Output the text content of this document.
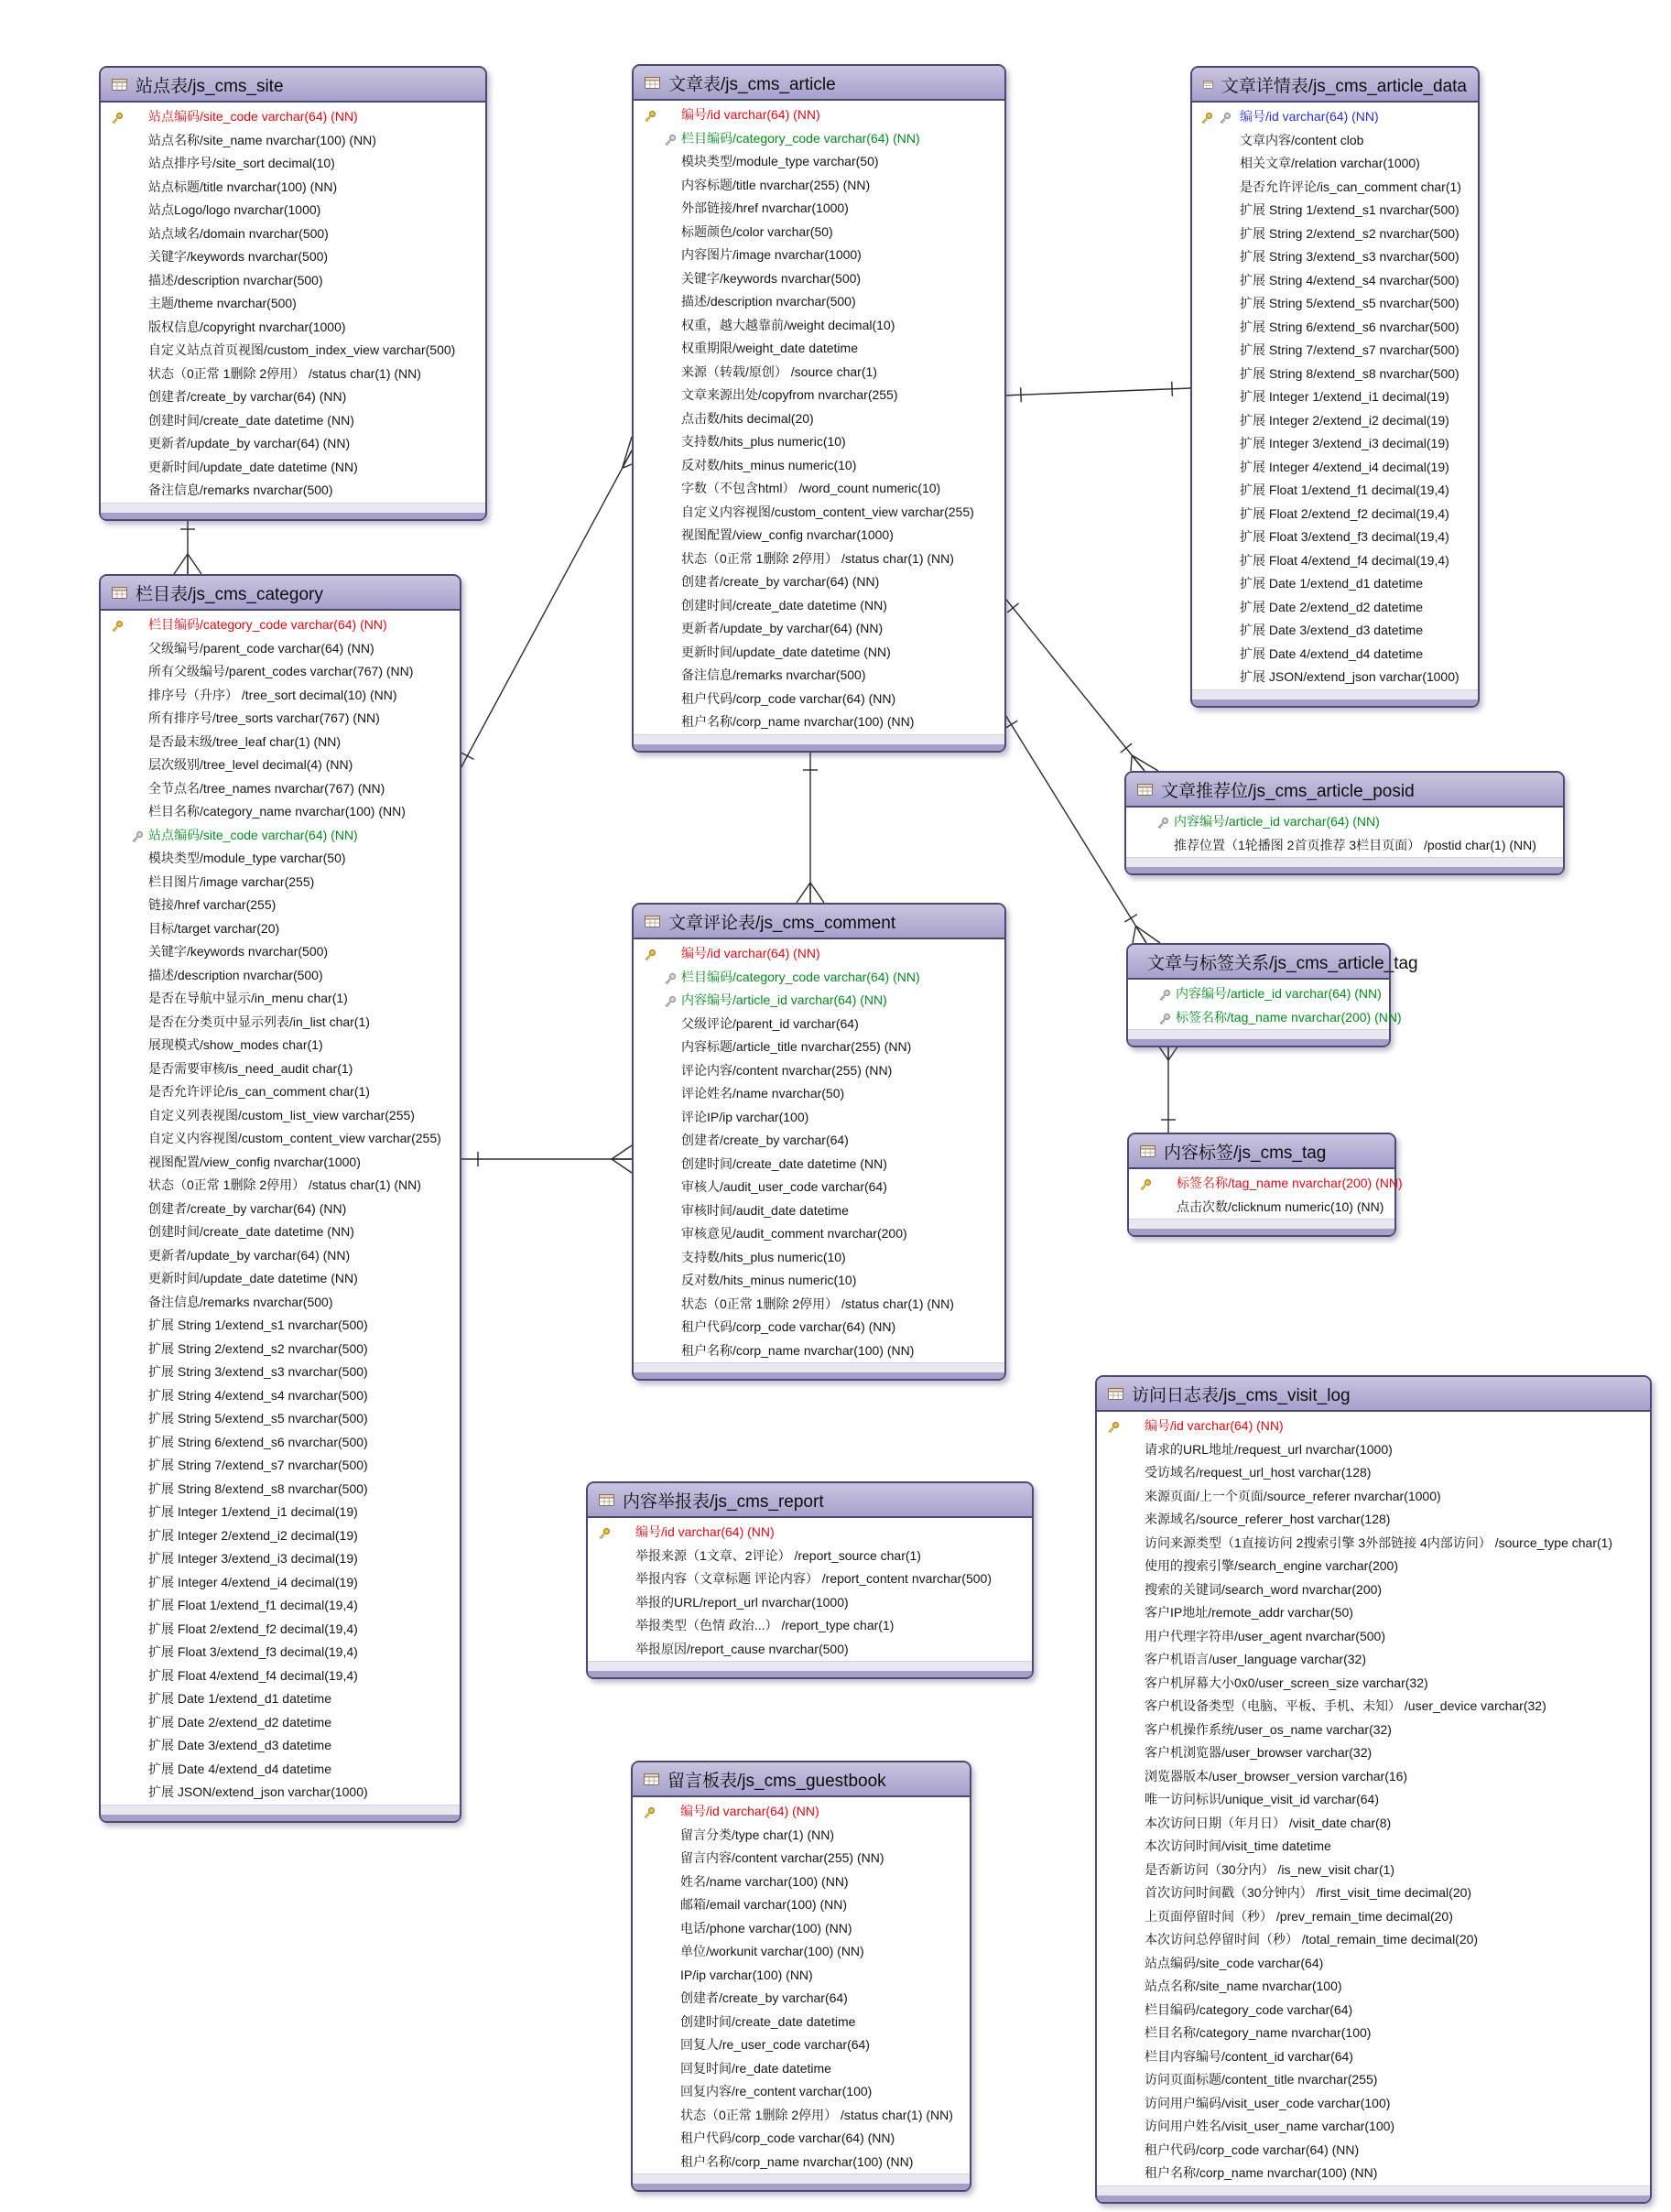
站点表/js_cms_site
站点编码/site_code varchar(64) (NN)
站点名称/site_name nvarchar(100) (NN)
站点排序号/site_sort decimal(10)
站点标题/title nvarchar(100) (NN)
站点Logo/logo nvarchar(1000)
站点域名/domain nvarchar(500)
关键字/keywords nvarchar(500)
描述/description nvarchar(500)
主题/theme nvarchar(500)
版权信息/copyright nvarchar(1000)
自定义站点首页视图/custom_index_view varchar(500)
状态（0正常 1删除 2停用） /status char(1) (NN)
创建者/create_by varchar(64) (NN)
创建时间/create_date datetime (NN)
更新者/update_by varchar(64) (NN)
更新时间/update_date datetime (NN)
备注信息/remarks nvarchar(500)
栏目表/js_cms_category
栏目编码/category_code varchar(64) (NN)
父级编号/parent_code varchar(64) (NN)
所有父级编号/parent_codes varchar(767) (NN)
排序号（升序） /tree_sort decimal(10) (NN)
所有排序号/tree_sorts varchar(767) (NN)
是否最末级/tree_leaf char(1) (NN)
层次级别/tree_level decimal(4) (NN)
全节点名/tree_names nvarchar(767) (NN)
栏目名称/category_name nvarchar(100) (NN)
站点编码/site_code varchar(64) (NN)
模块类型/module_type varchar(50)
栏目图片/image varchar(255)
链接/href varchar(255)
目标/target varchar(20)
关键字/keywords nvarchar(500)
描述/description nvarchar(500)
是否在导航中显示/in_menu char(1)
是否在分类页中显示列表/in_list char(1)
展现模式/show_modes char(1)
是否需要审核/is_need_audit char(1)
是否允许评论/is_can_comment char(1)
自定义列表视图/custom_list_view varchar(255)
自定义内容视图/custom_content_view varchar(255)
视图配置/view_config nvarchar(1000)
状态（0正常 1删除 2停用） /status char(1) (NN)
创建者/create_by varchar(64) (NN)
创建时间/create_date datetime (NN)
更新者/update_by varchar(64) (NN)
更新时间/update_date datetime (NN)
备注信息/remarks nvarchar(500)
扩展 String 1/extend_s1 nvarchar(500)
扩展 String 2/extend_s2 nvarchar(500)
扩展 String 3/extend_s3 nvarchar(500)
扩展 String 4/extend_s4 nvarchar(500)
扩展 String 5/extend_s5 nvarchar(500)
扩展 String 6/extend_s6 nvarchar(500)
扩展 String 7/extend_s7 nvarchar(500)
扩展 String 8/extend_s8 nvarchar(500)
扩展 Integer 1/extend_i1 decimal(19)
扩展 Integer 2/extend_i2 decimal(19)
扩展 Integer 3/extend_i3 decimal(19)
扩展 Integer 4/extend_i4 decimal(19)
扩展 Float 1/extend_f1 decimal(19,4)
扩展 Float 2/extend_f2 decimal(19,4)
扩展 Float 3/extend_f3 decimal(19,4)
扩展 Float 4/extend_f4 decimal(19,4)
扩展 Date 1/extend_d1 datetime
扩展 Date 2/extend_d2 datetime
扩展 Date 3/extend_d3 datetime
扩展 Date 4/extend_d4 datetime
扩展 JSON/extend_json varchar(1000)
文章表/js_cms_article
编号/id varchar(64) (NN)
栏目编码/category_code varchar(64) (NN)
模块类型/module_type varchar(50)
内容标题/title nvarchar(255) (NN)
外部链接/href nvarchar(1000)
标题颜色/color varchar(50)
内容图片/image nvarchar(1000)
关键字/keywords nvarchar(500)
描述/description nvarchar(500)
权重，越大越靠前/weight decimal(10)
权重期限/weight_date datetime
来源（转载/原创） /source char(1)
文章来源出处/copyfrom nvarchar(255)
点击数/hits decimal(20)
支持数/hits_plus numeric(10)
反对数/hits_minus numeric(10)
字数（不包含html） /word_count numeric(10)
自定义内容视图/custom_content_view varchar(255)
视图配置/view_config nvarchar(1000)
状态（0正常 1删除 2停用） /status char(1) (NN)
创建者/create_by varchar(64) (NN)
创建时间/create_date datetime (NN)
更新者/update_by varchar(64) (NN)
更新时间/update_date datetime (NN)
备注信息/remarks nvarchar(500)
租户代码/corp_code varchar(64) (NN)
租户名称/corp_name nvarchar(100) (NN)
文章详情表/js_cms_article_data
编号/id varchar(64) (NN)
文章内容/content clob
相关文章/relation varchar(1000)
是否允许评论/is_can_comment char(1)
扩展 String 1/extend_s1 nvarchar(500)
扩展 String 2/extend_s2 nvarchar(500)
扩展 String 3/extend_s3 nvarchar(500)
扩展 String 4/extend_s4 nvarchar(500)
扩展 String 5/extend_s5 nvarchar(500)
扩展 String 6/extend_s6 nvarchar(500)
扩展 String 7/extend_s7 nvarchar(500)
扩展 String 8/extend_s8 nvarchar(500)
扩展 Integer 1/extend_i1 decimal(19)
扩展 Integer 2/extend_i2 decimal(19)
扩展 Integer 3/extend_i3 decimal(19)
扩展 Integer 4/extend_i4 decimal(19)
扩展 Float 1/extend_f1 decimal(19,4)
扩展 Float 2/extend_f2 decimal(19,4)
扩展 Float 3/extend_f3 decimal(19,4)
扩展 Float 4/extend_f4 decimal(19,4)
扩展 Date 1/extend_d1 datetime
扩展 Date 2/extend_d2 datetime
扩展 Date 3/extend_d3 datetime
扩展 Date 4/extend_d4 datetime
扩展 JSON/extend_json varchar(1000)
文章推荐位/js_cms_article_posid
内容编号/article_id varchar(64) (NN)
推荐位置（1轮播图 2首页推荐 3栏目页面） /postid char(1) (NN)
文章与标签关系/js_cms_article_tag
内容编号/article_id varchar(64) (NN)
标签名称/tag_name nvarchar(200) (NN)
内容标签/js_cms_tag
标签名称/tag_name nvarchar(200) (NN)
点击次数/clicknum numeric(10) (NN)
文章评论表/js_cms_comment
编号/id varchar(64) (NN)
栏目编码/category_code varchar(64) (NN)
内容编号/article_id varchar(64) (NN)
父级评论/parent_id varchar(64)
内容标题/article_title nvarchar(255) (NN)
评论内容/content nvarchar(255) (NN)
评论姓名/name nvarchar(50)
评论IP/ip varchar(100)
创建者/create_by varchar(64)
创建时间/create_date datetime (NN)
审核人/audit_user_code varchar(64)
审核时间/audit_date datetime
审核意见/audit_comment nvarchar(200)
支持数/hits_plus numeric(10)
反对数/hits_minus numeric(10)
状态（0正常 1删除 2停用） /status char(1) (NN)
租户代码/corp_code varchar(64) (NN)
租户名称/corp_name nvarchar(100) (NN)
内容举报表/js_cms_report
编号/id varchar(64) (NN)
举报来源（1文章、2评论） /report_source char(1)
举报内容（文章标题 评论内容） /report_content nvarchar(500)
举报的URL/report_url nvarchar(1000)
举报类型（色情 政治...） /report_type char(1)
举报原因/report_cause nvarchar(500)
留言板表/js_cms_guestbook
编号/id varchar(64) (NN)
留言分类/type char(1) (NN)
留言内容/content varchar(255) (NN)
姓名/name varchar(100) (NN)
邮箱/email varchar(100) (NN)
电话/phone varchar(100) (NN)
单位/workunit varchar(100) (NN)
IP/ip varchar(100) (NN)
创建者/create_by varchar(64)
创建时间/create_date datetime
回复人/re_user_code varchar(64)
回复时间/re_date datetime
回复内容/re_content varchar(100)
状态（0正常 1删除 2停用） /status char(1) (NN)
租户代码/corp_code varchar(64) (NN)
租户名称/corp_name nvarchar(100) (NN)
访问日志表/js_cms_visit_log
编号/id varchar(64) (NN)
请求的URL地址/request_url nvarchar(1000)
受访域名/request_url_host varchar(128)
来源页面/上一个页面/source_referer nvarchar(1000)
来源域名/source_referer_host varchar(128)
访问来源类型（1直接访问 2搜索引擎 3外部链接 4内部访问） /source_type char(1)
使用的搜索引擎/search_engine varchar(200)
搜索的关键词/search_word nvarchar(200)
客户IP地址/remote_addr varchar(50)
用户代理字符串/user_agent nvarchar(500)
客户机语言/user_language varchar(32)
客户机屏幕大小0x0/user_screen_size varchar(32)
客户机设备类型（电脑、平板、手机、未知） /user_device varchar(32)
客户机操作系统/user_os_name varchar(32)
客户机浏览器/user_browser varchar(32)
浏览器版本/user_browser_version varchar(16)
唯一访问标识/unique_visit_id varchar(64)
本次访问日期（年月日） /visit_date char(8)
本次访问时间/visit_time datetime
是否新访问（30分内） /is_new_visit char(1)
首次访问时间戳（30分钟内） /first_visit_time decimal(20)
上页面停留时间（秒） /prev_remain_time decimal(20)
本次访问总停留时间（秒） /total_remain_time decimal(20)
站点编码/site_code varchar(64)
站点名称/site_name nvarchar(100)
栏目编码/category_code varchar(64)
栏目名称/category_name nvarchar(100)
栏目内容编号/content_id varchar(64)
访问页面标题/content_title nvarchar(255)
访问用户编码/visit_user_code varchar(100)
访问用户姓名/visit_user_name varchar(100)
租户代码/corp_code varchar(64) (NN)
租户名称/corp_name nvarchar(100) (NN)
